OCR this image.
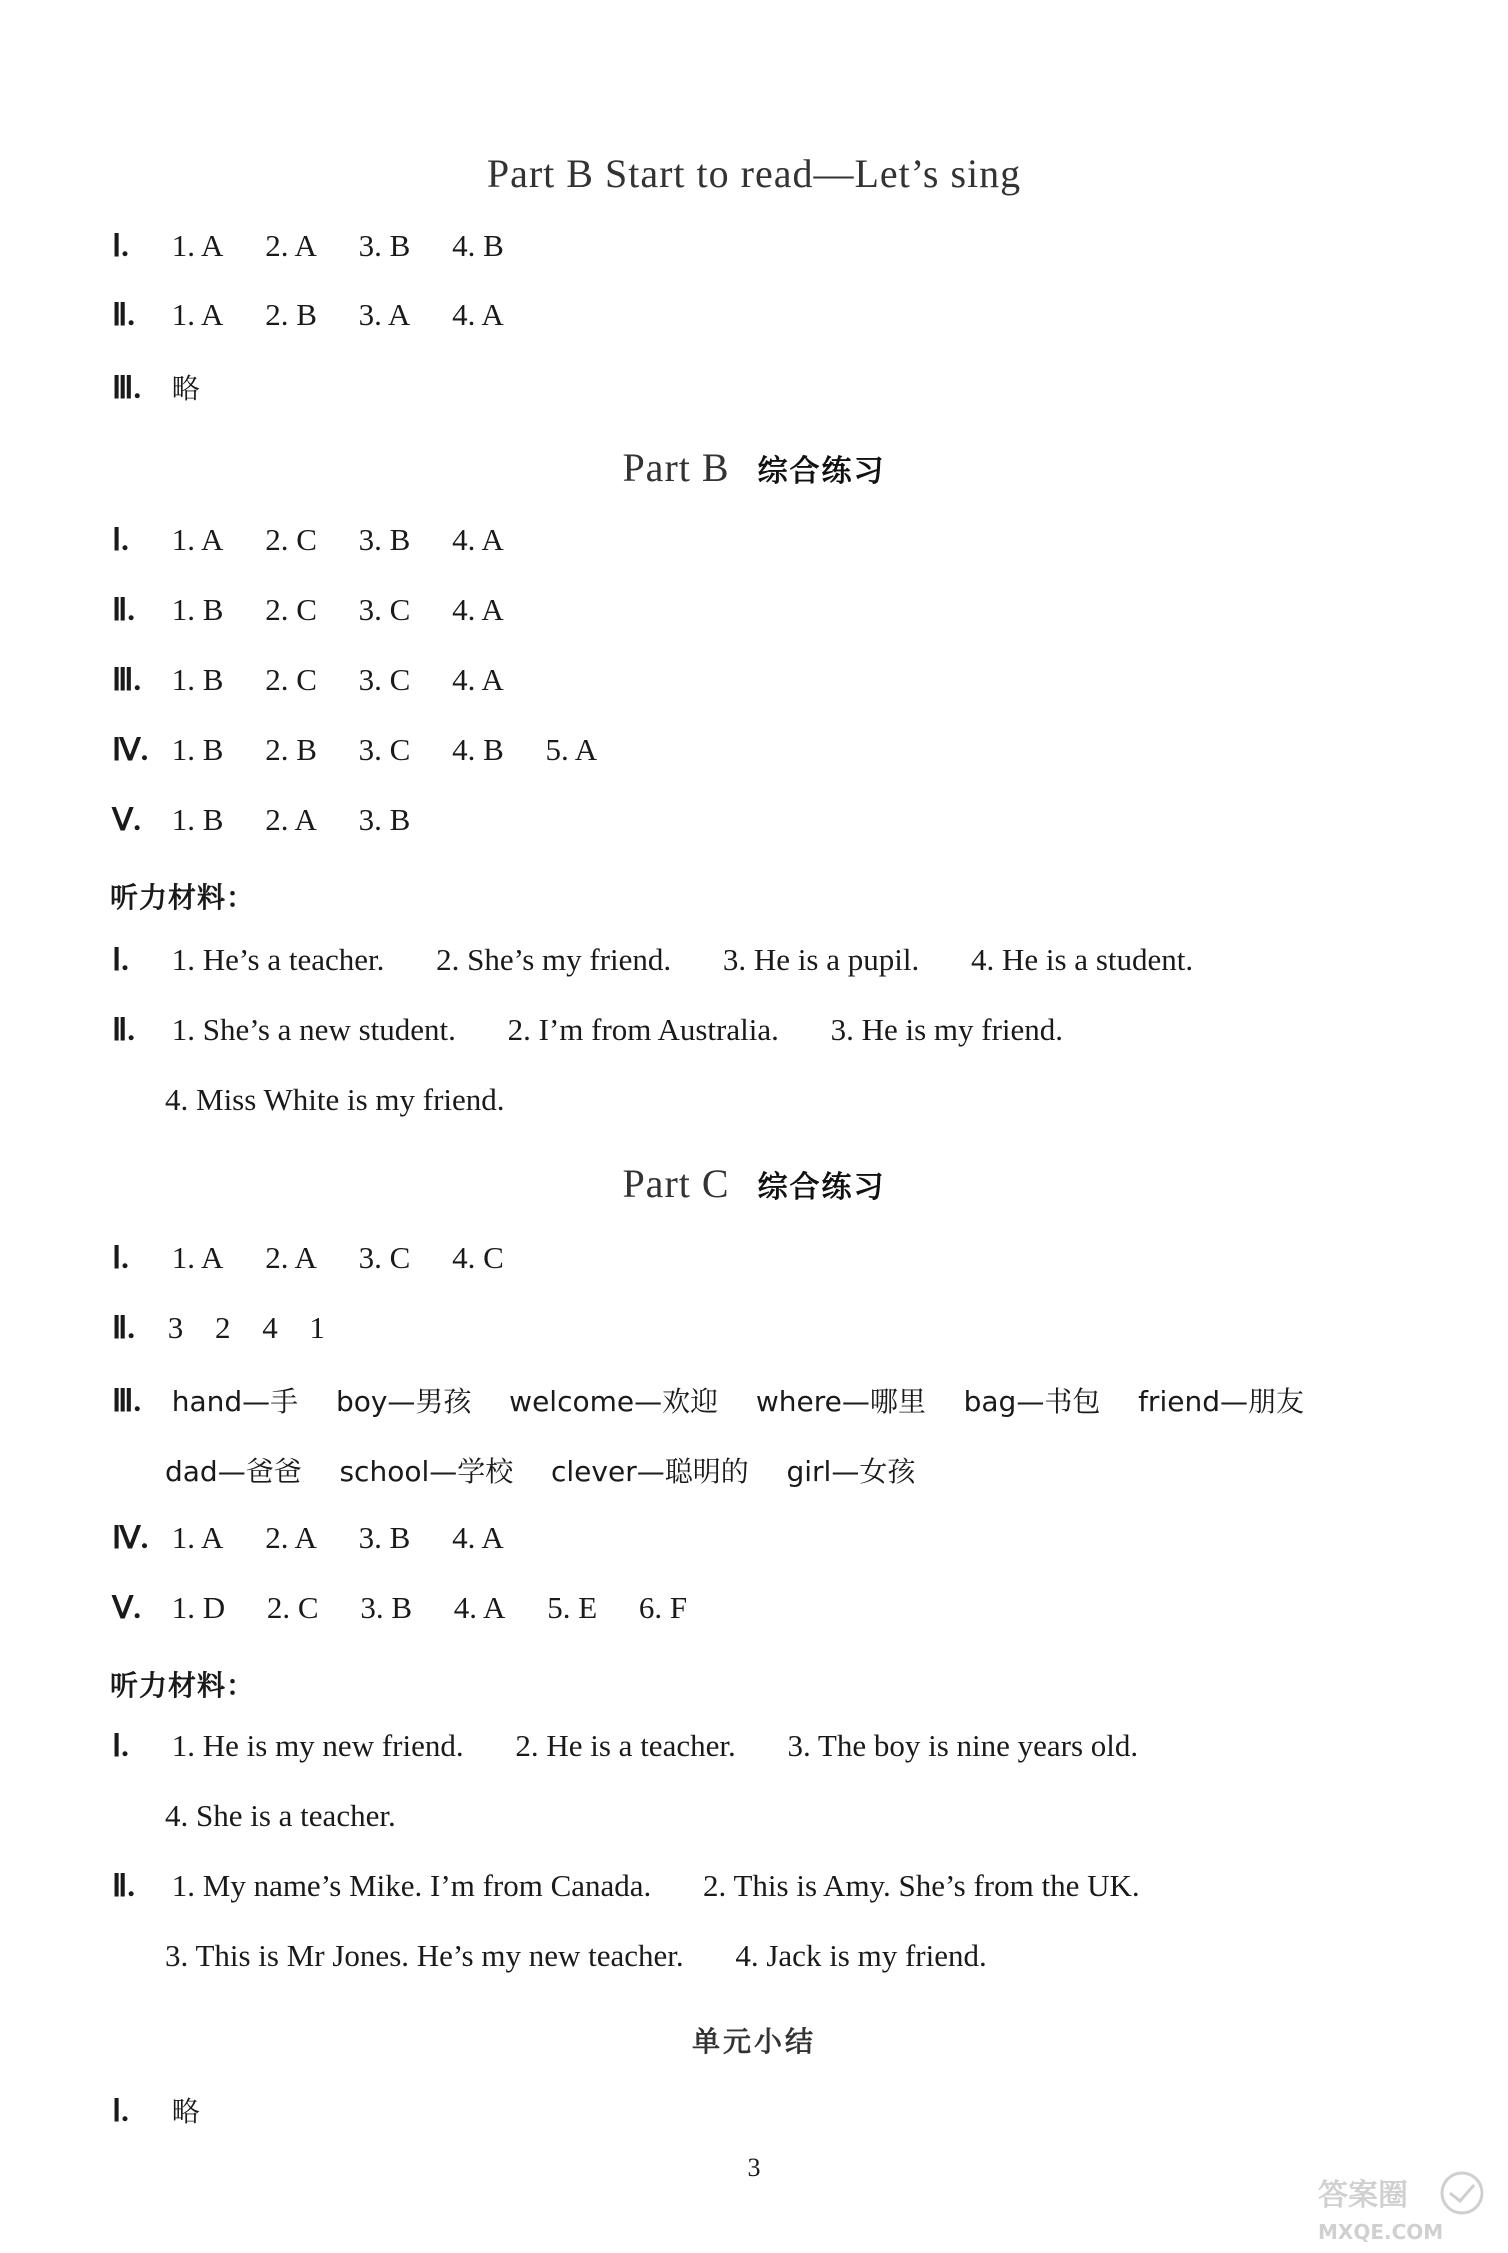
Part B Start to read—Let’s sing
Ⅰ. 1. A 2. A 3. B 4. B
Ⅱ. 1. A 2. B 3. A 4. A
Ⅲ. 略
Part B 综合练习
Ⅰ. 1. A 2. C 3. B 4. A
Ⅱ. 1. B 2. C 3. C 4. A
Ⅲ. 1. B 2. C 3. C 4. A
Ⅳ. 1. B 2. B 3. C 4. B 5. A
Ⅴ. 1. B 2. A 3. B
听力材料：
Ⅰ. 1. He’s a teacher. 2. She’s my friend. 3. He is a pupil. 4. He is a student.
Ⅱ. 1. She’s a new student. 2. I’m from Australia. 3. He is my friend.
4. Miss White is my friend.
Part C 综合练习
Ⅰ. 1. A 2. A 3. C 4. C
Ⅱ. 3 2 4 1
Ⅲ. hand—手 boy—男孩 welcome—欢迎 where—哪里 bag—书包 friend—朋友
dad—爸爸 school—学校 clever—聪明的 girl—女孩
Ⅳ. 1. A 2. A 3. B 4. A
Ⅴ. 1. D 2. C 3. B 4. A 5. E 6. F
听力材料：
Ⅰ. 1. He is my new friend. 2. He is a teacher. 3. The boy is nine years old.
4. She is a teacher.
Ⅱ. 1. My name’s Mike. I’m from Canada. 2. This is Amy. She’s from the UK.
3. This is Mr Jones. He’s my new teacher. 4. Jack is my friend.
单元小结
Ⅰ. 略
3
答案圈
MXQE.COM
